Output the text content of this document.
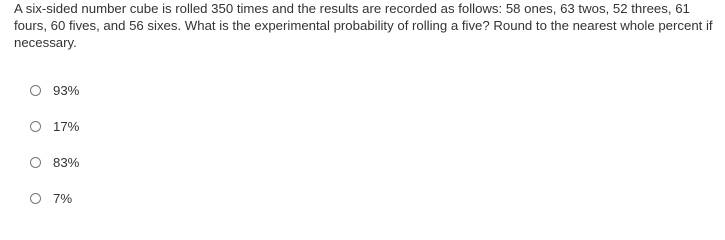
A six-sided number cube is rolled 350 times and the results are recorded as follows: 58 ones, 63 twos, 52 threes, 61 fours, 60 fives, and 56 sixes. What is the experimental probability of rolling a five? Round to the nearest whole percent if necessary.

93%
17%
83%
7%
